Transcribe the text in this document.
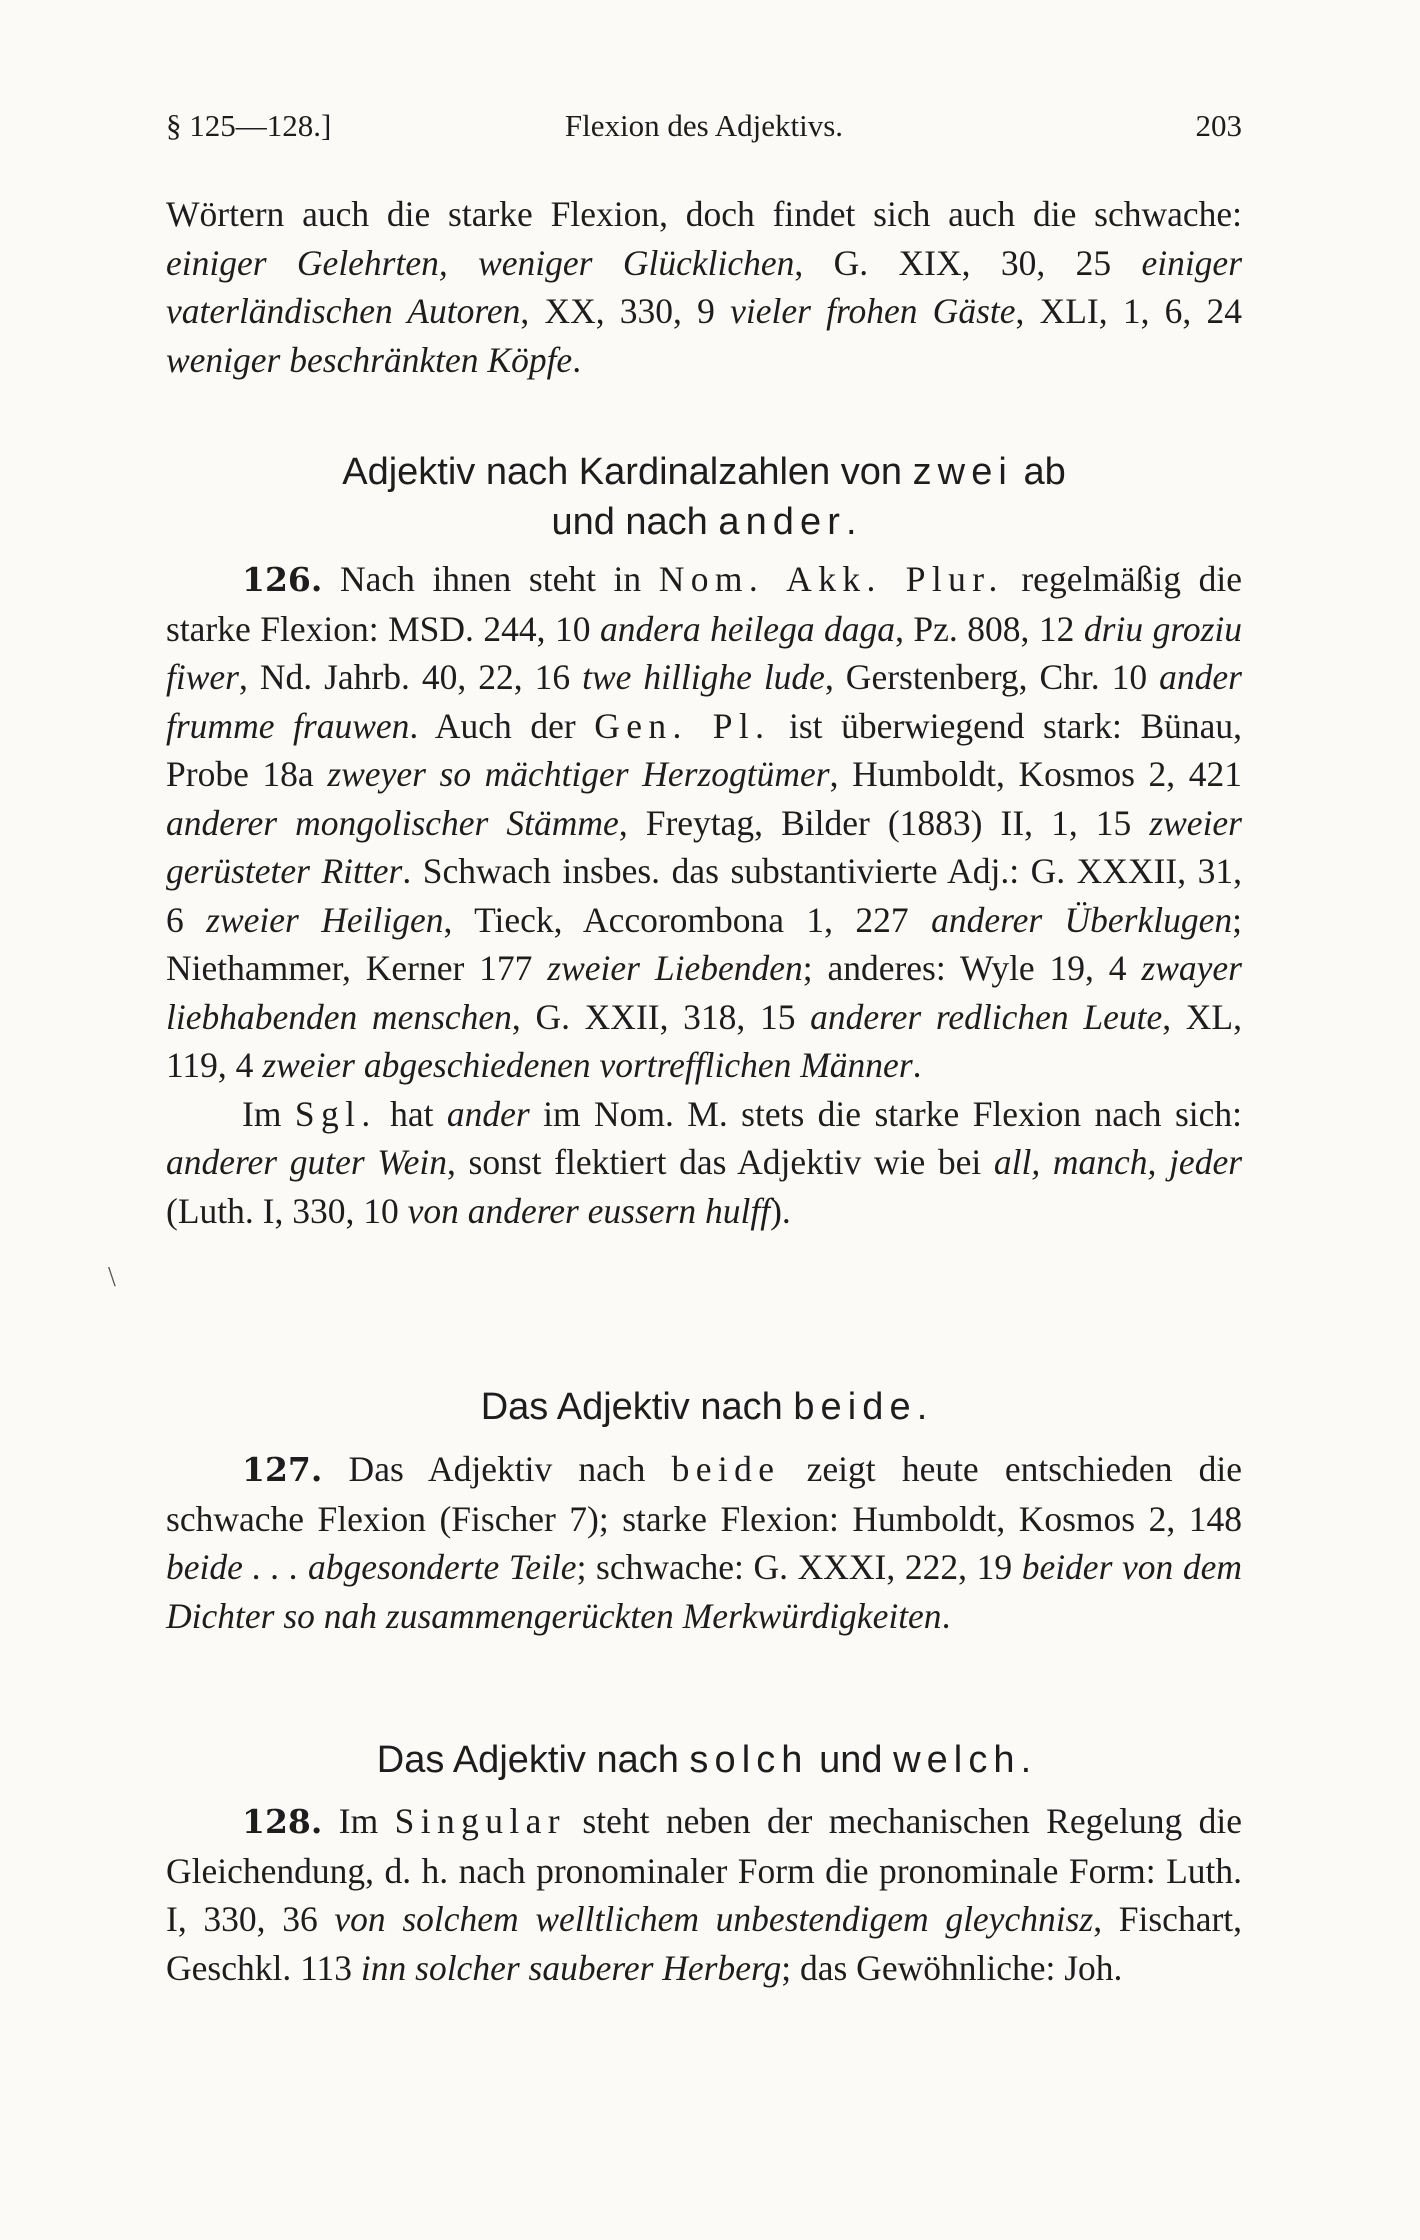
§ 125—128.]	Flexion des Adjektivs.	203

Wörtern auch die starke Flexion, doch findet sich auch die schwache: einiger Gelehrten, weniger Glücklichen, G. XIX, 30, 25 einiger vaterländischen Autoren, XX, 330, 9 vieler frohen Gäste, XLI, 1, 6, 24 weniger beschränkten Köpfe.

Adjektiv nach Kardinalzahlen von zwei ab
und nach ander.

126. Nach ihnen steht in Nom. Akk. Plur. regelmäßig die starke Flexion: MSD. 244, 10 andera heilega daga, Pz. 808, 12 driu groziu fiwer, Nd. Jahrb. 40, 22, 16 twe hillighe lude, Gerstenberg, Chr. 10 ander frumme frauwen. Auch der Gen. Pl. ist überwiegend stark: Bünau, Probe 18a zweyer so mächtiger Herzogtümer, Humboldt, Kosmos 2, 421 anderer mongolischer Stämme, Freytag, Bilder (1883) II, 1, 15 zweier gerüsteter Ritter. Schwach insbes. das substantivierte Adj.: G. XXXII, 31, 6 zweier Heiligen, Tieck, Accorombona 1, 227 anderer Überklugen; Niethammer, Kerner 177 zweier Liebenden; anderes: Wyle 19, 4 zwayer liebhabenden menschen, G. XXII, 318, 15 anderer redlichen Leute, XL, 119, 4 zweier abgeschiedenen vortrefflichen Männer.

Im Sgl. hat ander im Nom. M. stets die starke Flexion nach sich: anderer guter Wein, sonst flektiert das Adjektiv wie bei all, manch, jeder (Luth. I, 330, 10 von anderer eussern hulff).

\
Das Adjektiv nach beide.

127. Das Adjektiv nach beide zeigt heute entschieden die schwache Flexion (Fischer 7); starke Flexion: Humboldt, Kosmos 2, 148 beide . . . abgesonderte Teile; schwache: G. XXXI, 222, 19 beider von dem Dichter so nah zusammengerückten Merkwürdigkeiten.

Das Adjektiv nach solch und welch.

128. Im Singular steht neben der mechanischen Regelung die Gleichendung, d. h. nach pronominaler Form die pronominale Form: Luth. I, 330, 36 von solchem welltlichem unbestendigem gleychnisz, Fischart, Geschkl. 113 inn solcher sauberer Herberg; das Gewöhnliche: Joh.
